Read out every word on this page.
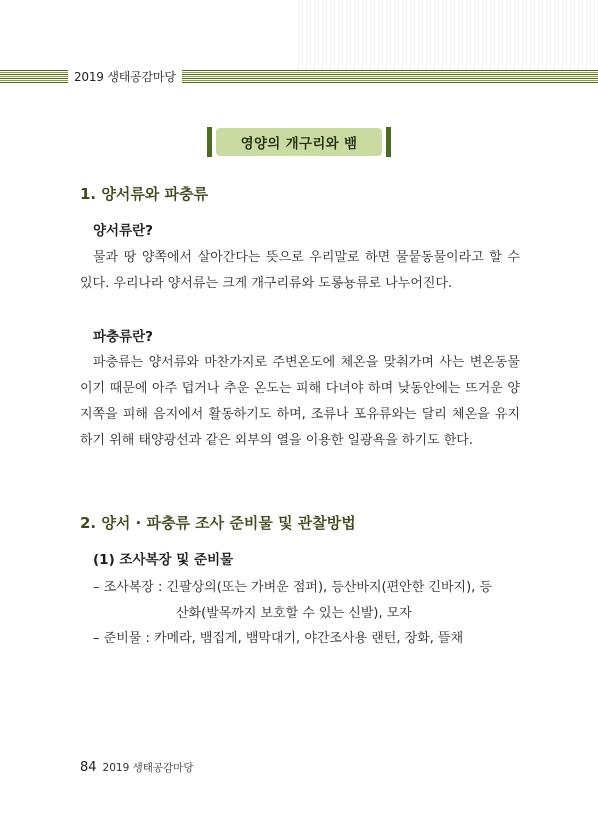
2019 생태공감마당
영양의 개구리와 뱀
1. 양서류와 파충류
양서류란?

물과 땅 양쪽에서 살아간다는 뜻으로 우리말로 하면 물뭍동물이라고 할 수 있다. 우리나라 양서류는 크게 개구리류와 도롱뇽류로 나누어진다.

파충류란?

파충류는 양서류와 마찬가지로 주변온도에 체온을 맞춰가며 사는 변온동물이기 때문에 아주 덥거나 추운 온도는 피해 다녀야 하며 낮동안에는 뜨거운 양지쪽을 피해 음지에서 활동하기도 하며, 조류나 포유류와는 달리 체온을 유지하기 위해 태양광선과 같은 외부의 열을 이용한 일광욕을 하기도 한다.

2. 양서 · 파충류 조사 준비물 및 관찰방법
(1) 조사복장 및 준비물
– 조사복장 : 긴팔상의(또는 가벼운 점퍼), 등산바지(편안한 긴바지), 등
산화(발목까지 보호할 수 있는 신발), 모자
– 준비물 : 카메라, 뱀집게, 뱀막대기, 야간조사용 랜턴, 장화, 뜰채
84 2019 생태공감마당
